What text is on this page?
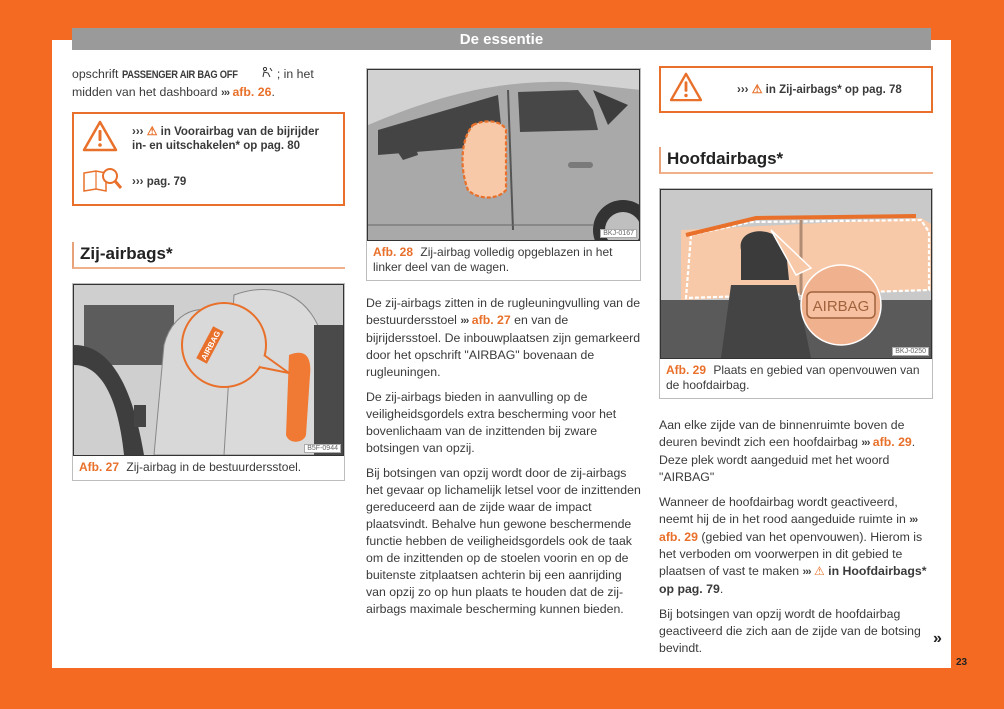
De essentie

opschrift PASSENGER AIR BAG OFF	; in het midden van het dashboard ››› afb. 26.

››› ⚠ in Voorairbag van de bijrijder in- en uitschakelen* op pag. 80
››› pag. 79
Zij-airbags*
AIRBAG
B5F-0944
Afb. 27 Zij-airbag in de bestuurdersstoel.
BKJ-0167
Afb. 28 Zij-airbag volledig opgeblazen in het linker deel van de wagen.

De zij-airbags zitten in de rugleuningvulling van de bestuurdersstoel ››› afb. 27 en van de bijrijdersstoel. De inbouwplaatsen zijn gemarkeerd door het opschrift "AIRBAG" bovenaan de rugleuningen.

De zij-airbags bieden in aanvulling op de veiligheidsgordels extra bescherming voor het bovenlichaam van de inzittenden bij zware botsingen van opzij.

Bij botsingen van opzij wordt door de zij-airbags het gevaar op lichamelijk letsel voor de inzittenden gereduceerd aan de zijde waar de impact plaatsvindt. Behalve hun gewone beschermende functie hebben de veiligheidsgordels ook de taak om de inzittenden op de stoelen voorin en op de buitenste zitplaatsen achterin bij een aanrijding van opzij zo op hun plaats te houden dat de zij-airbags maximale bescherming kunnen bieden.

››› ⚠ in Zij-airbags* op pag. 78
Hoofdairbags*
AIRBAG
BKJ-0250
Afb. 29 Plaats en gebied van openvouwen van de hoofdairbag.

Aan elke zijde van de binnenruimte boven de deuren bevindt zich een hoofdairbag ››› afb. 29. Deze plek wordt aangeduid met het woord "AIRBAG"

Wanneer de hoofdairbag wordt geactiveerd, neemt hij de in het rood aangeduide ruimte in ››› afb. 29 (gebied van het openvouwen). Hierom is het verboden om voorwerpen in dit gebied te plaatsen of vast te maken ››› ⚠ in Hoofdairbags* op pag. 79.

Bij botsingen van opzij wordt de hoofdairbag geactiveerd die zich aan de zijde van de botsing bevindt.

»
23
